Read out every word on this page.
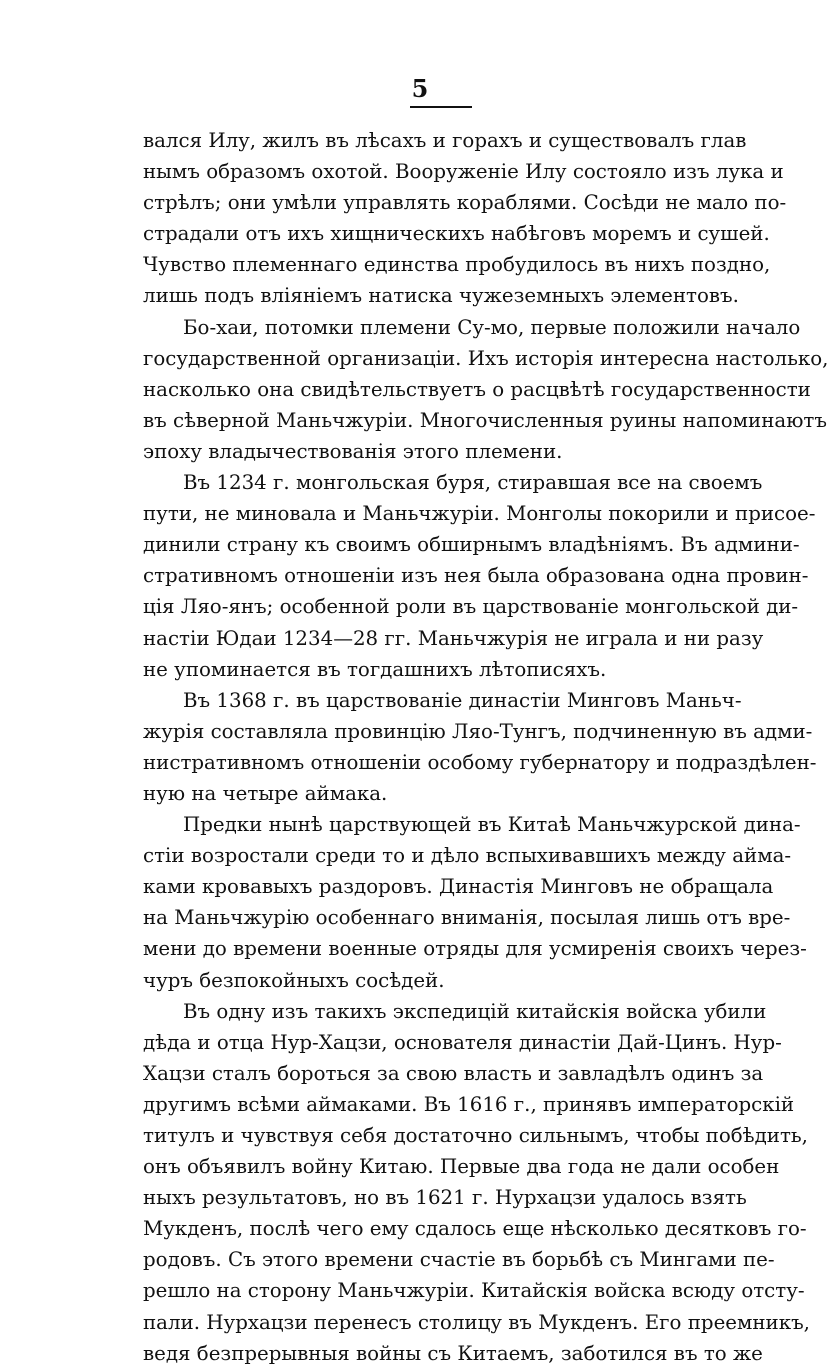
5
вался Илу, жилъ въ лѣсахъ и горахъ и существовалъ глав
нымъ образомъ охотой. Вооруженіе Илу состояло изъ лука и
стрѣлъ; они умѣли управлять кораблями. Сосѣди не мало по-
страдали отъ ихъ хищническихъ набѣговъ моремъ и сушей.
Чувство племеннаго единства пробудилось въ нихъ поздно,
лишь подъ вліяніемъ натиска чужеземныхъ элементовъ.
Бо-хаи, потомки племени Су-мо, первые положили начало
государственной организаціи. Ихъ исторія интересна настолько,
насколько она свидѣтельствуетъ о расцвѣтѣ государственности
въ сѣверной Маньчжуріи. Многочисленныя руины напоминаютъ
эпоху владычествованія этого племени.
Въ 1234 г. монгольская буря, стиравшая все на своемъ
пути, не миновала и Маньчжуріи. Монголы покорили и присое-
динили страну къ своимъ обширнымъ владѣніямъ. Въ админи-
стративномъ отношеніи изъ нея была образована одна провин-
ція Ляо-янъ; особенной роли въ царствованіе монгольской ди-
настіи Юдаи 1234—28 гг. Маньчжурія не играла и ни разу
не упоминается въ тогдашнихъ лѣтописяхъ.
Въ 1368 г. въ царствованіе династіи Минговъ Маньч-
журія составляла провинцію Ляо-Тунгъ, подчиненную въ адми-
нистративномъ отношеніи особому губернатору и подраздѣлен-
ную на четыре аймака.
Предки нынѣ царствующей въ Китаѣ Маньчжурской дина-
стіи возростали среди то и дѣло вспыхивавшихъ между айма-
ками кровавыхъ раздоровъ. Династія Минговъ не обращала
на Маньчжурію особеннаго вниманія, посылая лишь отъ вре-
мени до времени военные отряды для усмиренія своихъ через-
чуръ безпокойныхъ сосѣдей.
Въ одну изъ такихъ экспедицій китайскія войска убили
дѣда и отца Нур-Хацзи, основателя династіи Дай-Цинъ. Нур-
Хацзи сталъ бороться за свою власть и завладѣлъ одинъ за
другимъ всѣми аймаками. Въ 1616 г., принявъ императорскій
титулъ и чувствуя себя достаточно сильнымъ, чтобы побѣдить,
онъ объявилъ войну Китаю. Первые два года не дали особен
ныхъ результатовъ, но въ 1621 г. Нурхацзи удалось взять
Мукденъ, послѣ чего ему сдалось еще нѣсколько десятковъ го-
родовъ. Съ этого времени счастіе въ борьбѣ съ Мингами пе-
решло на сторону Маньчжуріи. Китайскія войска всюду отсту-
пали. Нурхацзи перенесъ столицу въ Мукденъ. Его преемникъ,
ведя безпрерывныя войны съ Китаемъ, заботился въ то же
